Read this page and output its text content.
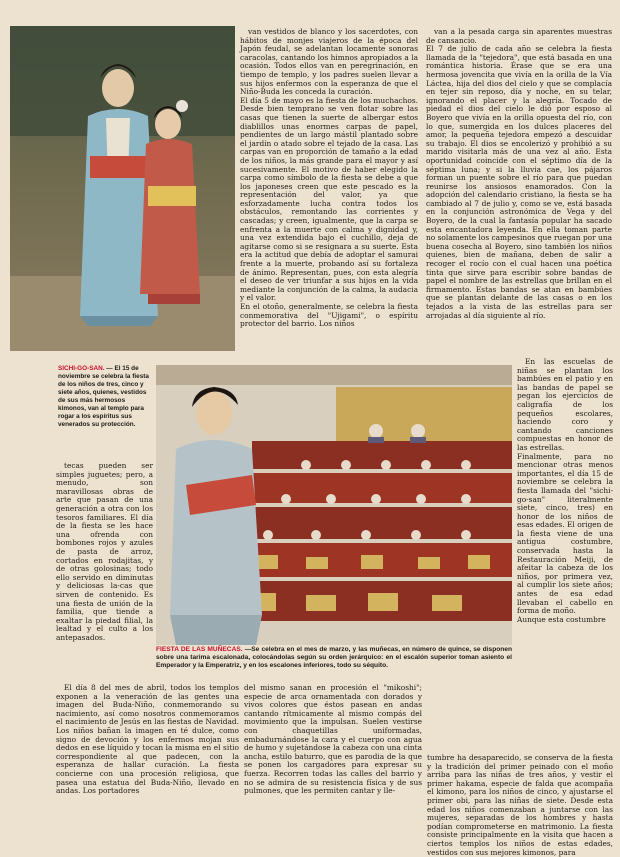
van vestidos de blanco y los sacerdotes, con hábitos de monjes viajeros de la época del Japón feudal, se adelantan locamente sonoras caracolas, cantando los himnos apropiados a la ocasión. Todos ellos van en peregrinación, en tiempo de templo, y los padres suelen llevar a sus hijos enfermos con la esperanza de que el Niño-Buda les conceda la curación.
El día 5 de mayo es la fiesta de los muchachos. Desde bien temprano se ven flotar sobre las casas que tienen la suerte de albergar estos diablillos unas enormes carpas de papel, pendientes de un largo mástil plantado sobre el jardín o atado sobre el tejado de la casa. Las carpas van en proporción de tamaño a la edad de los niños, la más grande para el mayor y así sucesivamente. El motivo de haber elegido la carpa como símbolo de la fiesta se debe a que los japoneses creen que este pescado es la representación del valor, ya que esforzadamente lucha contra todos los obstáculos, remontando las corrientes y cascadas; y creen, igualmente, que la carpa se enfrenta a la muerte con calma y dignidad y, una vez extendida bajo el cuchillo, deja de agitarse como si se resignara a su suerte. Esta era la actitud que debía de adoptar el samurai frente a la muerte, probando así su fortaleza de ánimo. Representan, pues, con esta alegría el deseo de ver triunfar a sus hijos en la vida mediante la conjunción de la calma, la audacia y el valor.
En el otoño, generalmente, se celebra la fiesta conmemorativa del "Ujigami", o espíritu protector del barrio. Los niños

van a la pesada carga sin aparentes muestras de cansancio.
El 7 de julio de cada año se celebra la fiesta llamada de la "tejedora", que está basada en una romántica historia. Érase que se era una hermosa jovencita que vivía en la orilla de la Vía Láctea, hija del dios del cielo y que se complacía en tejer sin reposo, día y noche, en su telar, ignorando el placer y la alegría. Tocado de piedad el dios del cielo le dió por esposo al Boyero que vivía en la orilla opuesta del río, con lo que, sumergida en los dulces placeres del amor, la pequeña tejedora empezó a descuidar su trabajo. El dios se encolerizó y prohibió a su marido visitarla más de una vez al año. Esta oportunidad coincide con el séptimo día de la séptima luna; y si la lluvia cae, los pájaros forman un puente sobre el río para que puedan reunirse los ansiosos enamorados. Con la adopción del calendario cristiano, la fiesta se ha cambiado al 7 de julio y, como se ve, está basada en la conjunción astronómica de Vega y del Boyero, de la cual la fantasía popular ha sacado esta encantadora leyenda. En ella toman parte no solamente los campesinos que ruegan por una buena cosecha al Boyero, sino también los niños quienes, bien de mañana, deben de salir a recoger el rocío con el cual hacen una poética tinta que sirve para escribir sobre bandas de papel el nombre de las estrellas que brillan en el firmamento. Estas bandas se atan en bambúes que se plantan delante de las casas o en los tejados a la vista de las estrellas para ser arrojadas al día siguiente al río.

SICHI-GO-SAN. — El 15 de noviembre se celebra la fiesta de los niños de tres, cinco y siete años, quienes, vestidos de sus más hermosos kimonos, van al templo para rogar a los espíritus sus venerados su protección.

En las escuelas de niñas se plantan los bambúes en el patio y en las bandas de papel se pegan los ejercicios de caligrafía de los pequeños escolares, haciendo coro y cantando canciones compuestas en honor de las estrellas.
Finalmente, para no mencionar otras menos importantes, el día 15 de noviembre se celebra la fiesta llamada del "sichi-go-san" literalmente siete, cinco, tres) en honor de los niños de esas edades. El origen de la fiesta viene de una antigua costumbre, conservada hasta la Restauración Meiji, de afeitar la cabeza de los niños, por primera vez, al cumplir los siete años; antes de esa edad llevaban el cabello en forma de moño.
Aunque esta costumbre

tecas pueden ser simples juguetes; pero, a menudo, son maravillosas obras de arte que pasan de una generación a otra con los tesoros familiares. El día de la fiesta se les hace una ofrenda con bombones rojos y azules de pasta de arroz, cortados en rodajitas, y de otras golosinas; todo ello servido en diminutas y deliciosas la-cas que sirven de contenido. Es una fiesta de unión de la familia, que tiende a exaltar la piedad filial, la lealtad y el culto a los antepasados.

FIESTA DE LAS MUÑECAS. —Se celebra en el mes de marzo, y las muñecas, en número de quince, se disponen sobre una tarima escalonada, colocándolas según su orden jerárquico: en el escalón superior toman asiento el Emperador y la Emperatriz, y en los escalones inferiores, todo su séquito.

El día 8 del mes de abril, todos los templos exponen a la veneración de las gentes una imagen del Buda-Niño, conmemorando su nacimiento, así como nosotros conmemoramos el nacimiento de Jesús en las fiestas de Navidad. Los niños bañan la imagen en té dulce, como signo de devoción y los enfermos mojan sus dedos en ese líquido y tocan la misma en el sitio correspondiente al que padecen, con la esperanza de hallar curación. La fiesta concierne con una procesión religiosa, que pasea una estatua del Buda-Niño, llevado en andas. Los portadores

del mismo sanan en procesión el "mikoshi"; especie de arca ornamentada con dorados y vivos colores que éstos pasean en andas cantando rítmicamente al mismo compás del movimiento que la impulsan. Suelen vestirse con chaquetillas uniformadas, embadurnándose la cara y el cuerpo con agua de humo y sujetándose la cabeza con una cinta ancha, estilo baturro, que es parodia de la que se ponen los cargadores para expresar su fuerza. Recorren todas las calles del barrio y no se admira de su resistencia física y de sus pulmones, que les permiten cantar y lle-

tumbre ha desaparecido, se conserva de la fiesta y la tradición del primer peinado con el moño arriba para las niñas de tres años, y vestir el primer hakama, especie de falda que acompaña el kimono, para los niños de cinco, y ajustarse el primer obi, para las niñas de siete. Desde esta edad los niños comenzaban a juntarse con las mujeres, separadas de los hombres y hasta podían comprometerse en matrimonio. La fiesta consiste principalmente en la visita que hacen a ciertos templos los niños de estas edades, vestidos con sus mejores kimonos, para
